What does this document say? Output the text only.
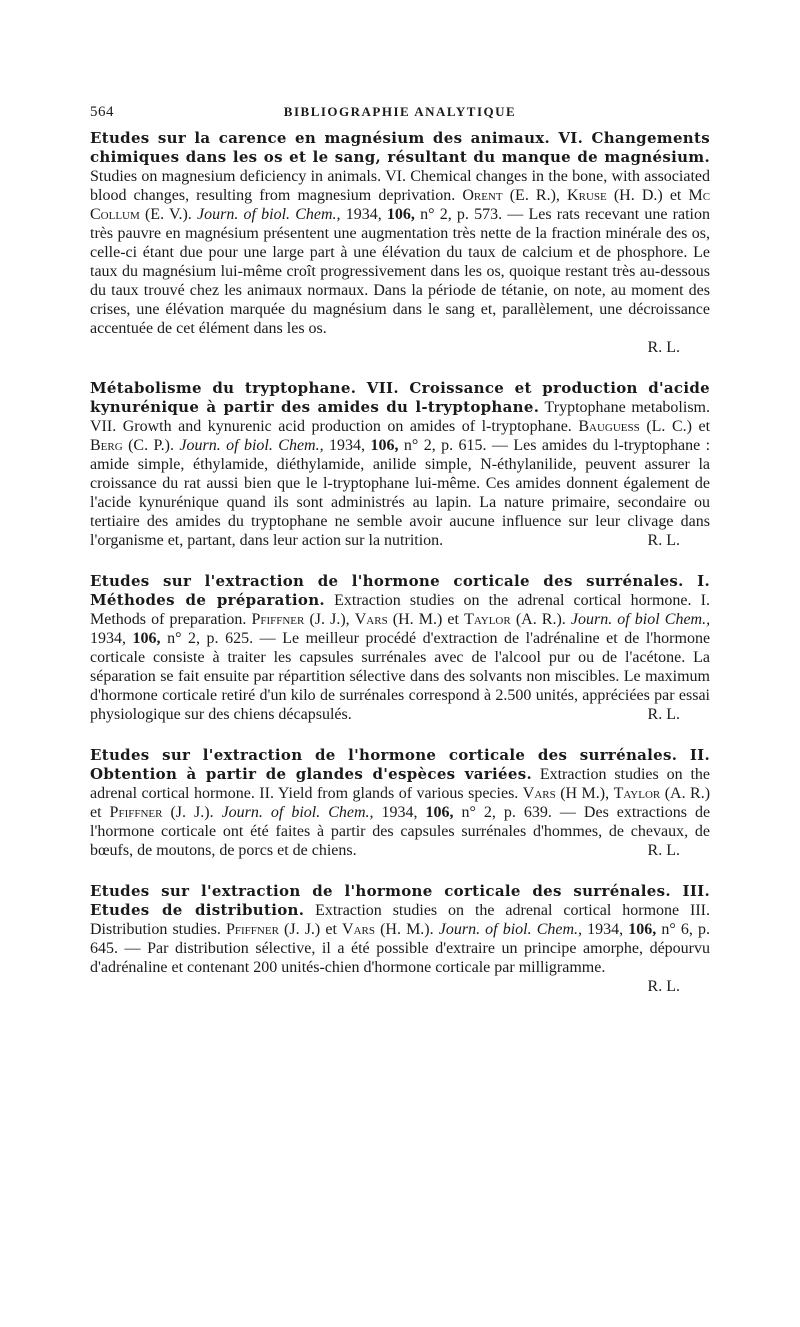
564	BIBLIOGRAPHIE ANALYTIQUE

Etudes sur la carence en magnésium des animaux. VI. Changements chimiques dans les os et le sang, résultant du manque de magnésium. Studies on magnesium deficiency in animals. VI. Chemical changes in the bone, with associated blood changes, resulting from magnesium deprivation. Orent (E. R.), Kruse (H. D.) et Mc Collum (E. V.). Journ. of biol. Chem., 1934, 106, n° 2, p. 573. — Les rats recevant une ration très pauvre en magnésium présentent une augmentation très nette de la fraction minérale des os, celle-ci étant due pour une large part à une élévation du taux de calcium et de phosphore. Le taux du magnésium lui-même croît progressivement dans les os, quoique restant très au-dessous du taux trouvé chez les animaux normaux. Dans la période de tétanie, on note, au moment des crises, une élévation marquée du magnésium dans le sang et, parallèlement, une décroissance accentuée de cet élément dans les os.

R. L.

Métabolisme du tryptophane. VII. Croissance et production d'acide kynurénique à partir des amides du l-tryptophane. Tryptophane metabolism. VII. Growth and kynurenic acid production on amides of l-tryptophane. Bauguess (L. C.) et Berg (C. P.). Journ. of biol. Chem., 1934, 106, n° 2, p. 615. — Les amides du l-tryptophane : amide simple, éthylamide, diéthylamide, anilide simple, N-éthylanilide, peuvent assurer la croissance du rat aussi bien que le l-tryptophane lui-même. Ces amides donnent également de l'acide kynurénique quand ils sont administrés au lapin. La nature primaire, secondaire ou tertiaire des amides du tryptophane ne semble avoir aucune influence sur leur clivage dans l'organisme et, partant, dans leur action sur la nutrition.	R. L.

Etudes sur l'extraction de l'hormone corticale des surrénales. I. Méthodes de préparation. Extraction studies on the adrenal cortical hormone. I. Methods of preparation. Pfiffner (J. J.), Vars (H. M.) et Taylor (A. R.). Journ. of biol Chem., 1934, 106, n° 2, p. 625. — Le meilleur procédé d'extraction de l'adrénaline et de l'hormone corticale consiste à traiter les capsules surrénales avec de l'alcool pur ou de l'acétone. La séparation se fait ensuite par répartition sélective dans des solvants non miscibles. Le maximum d'hormone corticale retiré d'un kilo de surrénales correspond à 2.500 unités, appréciées par essai physiologique sur des chiens décapsulés.	R. L.

Etudes sur l'extraction de l'hormone corticale des surrénales. II. Obtention à partir de glandes d'espèces variées. Extraction studies on the adrenal cortical hormone. II. Yield from glands of various species. Vars (H M.), Taylor (A. R.) et Pfiffner (J. J.). Journ. of biol. Chem., 1934, 106, n° 2, p. 639. — Des extractions de l'hormone corticale ont été faites à partir des capsules surrénales d'hommes, de chevaux, de bœufs, de moutons, de porcs et de chiens.	R. L.

Etudes sur l'extraction de l'hormone corticale des surrénales. III. Etudes de distribution. Extraction studies on the adrenal cortical hormone III. Distribution studies. Pfiffner (J. J.) et Vars (H. M.). Journ. of biol. Chem., 1934, 106, n° 6, p. 645. — Par distribution sélective, il a été possible d'extraire un principe amorphe, dépourvu d'adrénaline et contenant 200 unités-chien d'hormone corticale par milligramme.

R. L.
